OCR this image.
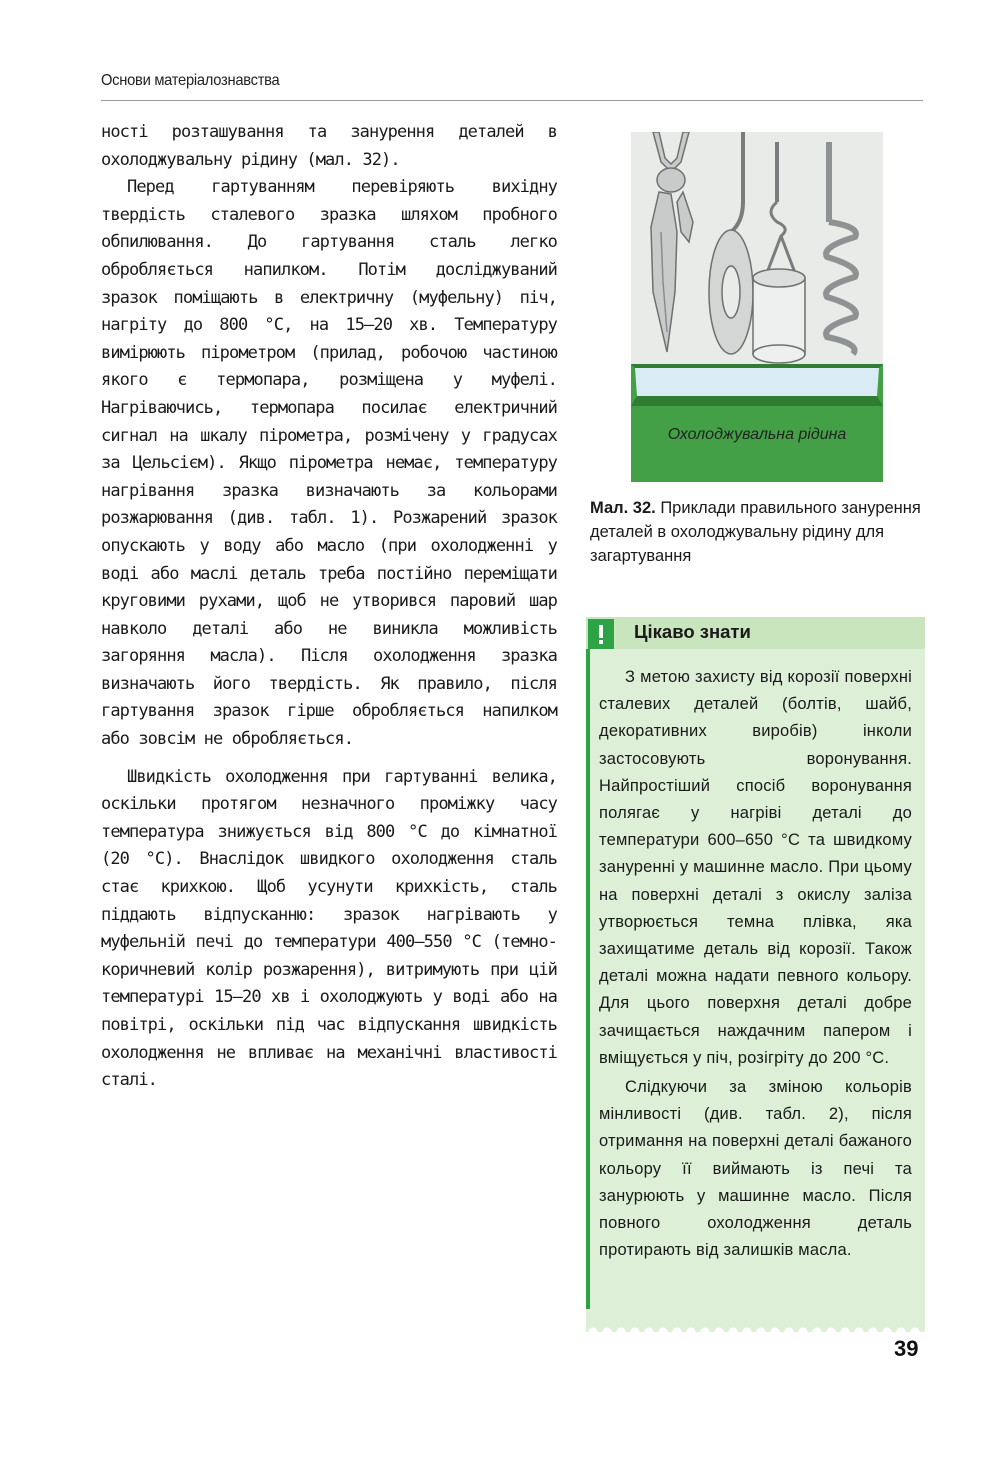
Основи матеріалознавства

ності розташування та занурення деталей в охолоджувальну рідину (мал. 32).

Перед гартуванням перевіряють вихідну твердість сталевого зразка шляхом пробного обпилювання. До гартування сталь легко обробляється напилком. Потім досліджуваний зразок поміщають в електричну (муфельну) піч, нагріту до 800 °С, на 15–20 хв. Температуру вимірюють пірометром (прилад, робочою частиною якого є термопара, розміщена у муфелі. Нагріваючись, термопара посилає електричний сигнал на шкалу пірометра, розмічену у градусах за Цельсієм). Якщо пірометра немає, температуру нагрівання зразка визначають за кольорами розжарювання (див. табл. 1). Розжарений зразок опускають у воду або масло (при охолодженні у воді або маслі деталь треба постійно переміщати круговими рухами, щоб не утворився паровий шар навколо деталі або не виникла можливість загоряння масла). Після охолодження зразка визначають його твердість. Як правило, після гартування зразок гірше обробляється напилком або зовсім не обробляється.

Швидкість охолодження при гартуванні велика, оскільки протягом незначного проміжку часу температура знижується від 800 °С до кімнатної (20 °С). Внаслідок швидкого охолодження сталь стає крихкою. Щоб усунути крихкість, сталь піддають відпусканню: зразок нагрівають у муфельній печі до температури 400–550 °С (темно-коричневий колір розжарення), витримують при цій температурі 15–20 хв і охолоджують у воді або на повітрі, оскільки під час відпускання швидкість охолодження не впливає на механічні властивості сталі.

Охолоджувальна рідина
Мал. 32. Приклади правильного занурення деталей в охолоджувальну рідину для загартування
Цікаво знати

З метою захисту від корозії поверхні сталевих деталей (болтів, шайб, декоративних виробів) інколи застосовують воронування. Найпростіший спосіб воронування полягає у нагріві деталі до температури 600–650 °С та швидкому зануренні у машинне масло. При цьому на поверхні деталі з окислу заліза утворюється темна плівка, яка захищатиме деталь від корозії. Також деталі можна надати певного кольору. Для цього поверхня деталі добре зачищається наждачним папером і вміщується у піч, розігріту до 200 °С.

Слідкуючи за зміною кольорів мінливості (див. табл. 2), після отримання на поверхні деталі бажаного кольору її виймають із печі та занурюють у машинне масло. Після повного охолодження деталь протирають від залишків масла.

39
